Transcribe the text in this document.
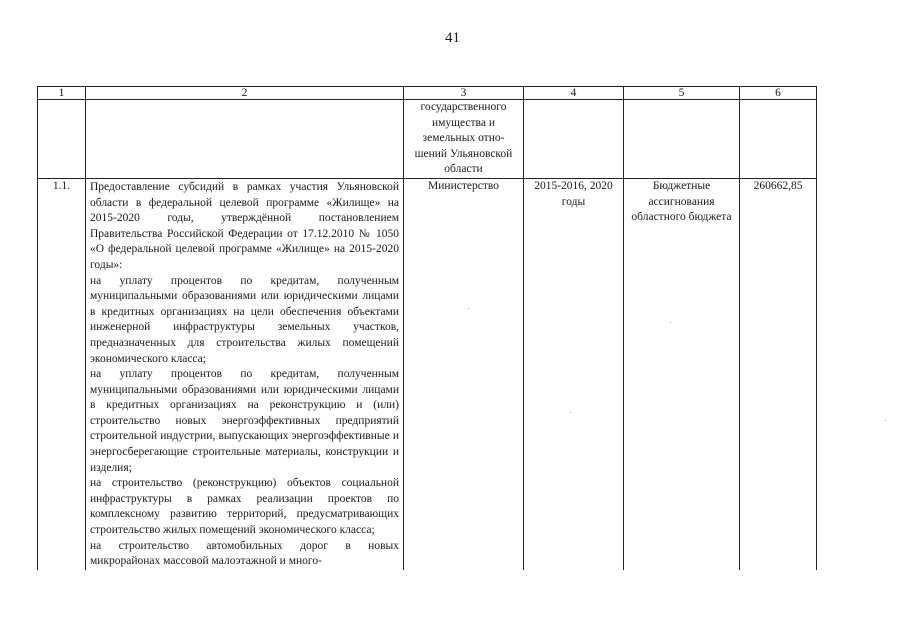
41
1	2	3	4	5	6
		государственного имущества и земельных отно-шений Ульяновской области			
1.1.	Предоставление субсидий в рамках участия Ульяновской области в федеральной целевой программе «Жилище» на 2015-2020 годы, утверждённой постановлением Правительства Российской Федерации от 17.12.2010 № 1050 «О федеральной целевой программе «Жилище» на 2015-2020 годы»:
на уплату процентов по кредитам, полученным муниципальными образованиями или юридическими лицами в кредитных организациях на цели обеспечения объектами инженерной инфраструктуры земельных участков, предназначенных для строительства жилых помещений экономического класса;
на уплату процентов по кредитам, полученным муниципальными образованиями или юридическими лицами в кредитных организациях на реконструкцию и (или) строительство новых энергоэффективных предприятий строительной индустрии, выпускающих энергоэффективные и энергосберегающие строительные материалы, конструкции и изделия;
на строительство (реконструкцию) объектов социальной инфраструктуры в рамках реализации проектов по комплексному развитию территорий, предусматривающих строительство жилых помещений экономического класса;
на строительство автомобильных дорог в новых микрорайонах массовой малоэтажной и много-	Министерство	2015-2016, 2020 годы	Бюджетные ассигнования областного бюджета	260662,85
